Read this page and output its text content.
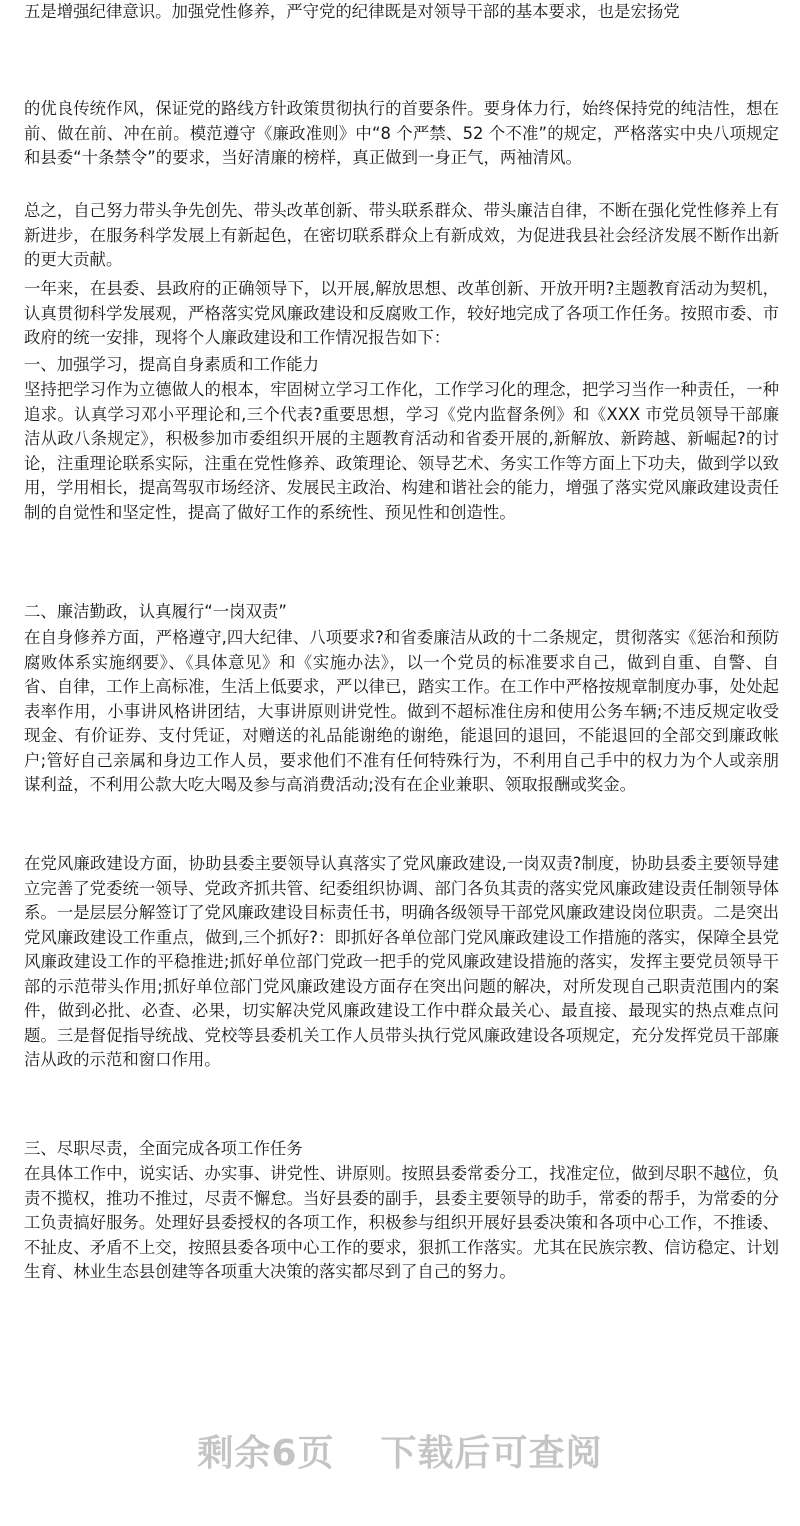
五是增强纪律意识。加强党性修养，严守党的纪律既是对领导干部的基本要求，也是宏扬党

的优良传统作风，保证党的路线方针政策贯彻执行的首要条件。要身体力行，始终保持党的纯洁性，想在前、做在前、冲在前。模范遵守《廉政准则》中“8 个严禁、52 个不准”的规定，严格落实中央八项规定和县委“十条禁令”的要求，当好清廉的榜样，真正做到一身正气，两袖清风。

总之，自己努力带头争先创先、带头改革创新、带头联系群众、带头廉洁自律，不断在强化党性修养上有新进步，在服务科学发展上有新起色，在密切联系群众上有新成效，为促进我县社会经济发展不断作出新的更大贡献。

一年来，在县委、县政府的正确领导下，以开展,解放思想、改革创新、开放开明?主题教育活动为契机，认真贯彻科学发展观，严格落实党风廉政建设和反腐败工作，较好地完成了各项工作任务。按照市委、市政府的统一安排，现将个人廉政建设和工作情况报告如下：

一、加强学习，提高自身素质和工作能力

坚持把学习作为立德做人的根本，牢固树立学习工作化，工作学习化的理念，把学习当作一种责任，一种追求。认真学习邓小平理论和,三个代表?重要思想，学习《党内监督条例》和《XXX 市党员领导干部廉洁从政八条规定》，积极参加市委组织开展的主题教育活动和省委开展的,新解放、新跨越、新崛起?的讨论，注重理论联系实际，注重在党性修养、政策理论、领导艺术、务实工作等方面上下功夫，做到学以致用，学用相长，提高驾驭市场经济、发展民主政治、构建和谐社会的能力，增强了落实党风廉政建设责任制的自觉性和坚定性，提高了做好工作的系统性、预见性和创造性。

二、廉洁勤政，认真履行“一岗双责”

在自身修养方面，严格遵守,四大纪律、八项要求?和省委廉洁从政的十二条规定，贯彻落实《惩治和预防腐败体系实施纲要》、《具体意见》和《实施办法》，以一个党员的标准要求自己，做到自重、自警、自省、自律，工作上高标准，生活上低要求，严以律已，踏实工作。在工作中严格按规章制度办事，处处起表率作用，小事讲风格讲团结，大事讲原则讲党性。做到不超标准住房和使用公务车辆;不违反规定收受现金、有价证券、支付凭证，对赠送的礼品能谢绝的谢绝，能退回的退回，不能退回的全部交到廉政帐户;管好自己亲属和身边工作人员，要求他们不准有任何特殊行为，不利用自己手中的权力为个人或亲朋谋利益，不利用公款大吃大喝及参与高消费活动;没有在企业兼职、领取报酬或奖金。

在党风廉政建设方面，协助县委主要领导认真落实了党风廉政建设,一岗双责?制度，协助县委主要领导建立完善了党委统一领导、党政齐抓共管、纪委组织协调、部门各负其责的落实党风廉政建设责任制领导体系。一是层层分解签订了党风廉政建设目标责任书，明确各级领导干部党风廉政建设岗位职责。二是突出党风廉政建设工作重点，做到,三个抓好?：即抓好各单位部门党风廉政建设工作措施的落实，保障全县党风廉政建设工作的平稳推进;抓好单位部门党政一把手的党风廉政建设措施的落实，发挥主要党员领导干部的示范带头作用;抓好单位部门党风廉政建设方面存在突出问题的解决，对所发现自己职责范围内的案件，做到必批、必查、必果，切实解决党风廉政建设工作中群众最关心、最直接、最现实的热点难点问题。三是督促指导统战、党校等县委机关工作人员带头执行党风廉政建设各项规定，充分发挥党员干部廉洁从政的示范和窗口作用。

三、尽职尽责，全面完成各项工作任务

在具体工作中，说实话、办实事、讲党性、讲原则。按照县委常委分工，找准定位，做到尽职不越位，负责不揽权，推功不推过，尽责不懈怠。当好县委的副手，县委主要领导的助手，常委的帮手，为常委的分工负责搞好服务。处理好县委授权的各项工作，积极参与组织开展好县委决策和各项中心工作，不推诿、不扯皮、矛盾不上交，按照县委各项中心工作的要求，狠抓工作落实。尤其在民族宗教、信访稳定、计划生育、林业生态县创建等各项重大决策的落实都尽到了自己的努力。

剩余6页 下载后可查阅
